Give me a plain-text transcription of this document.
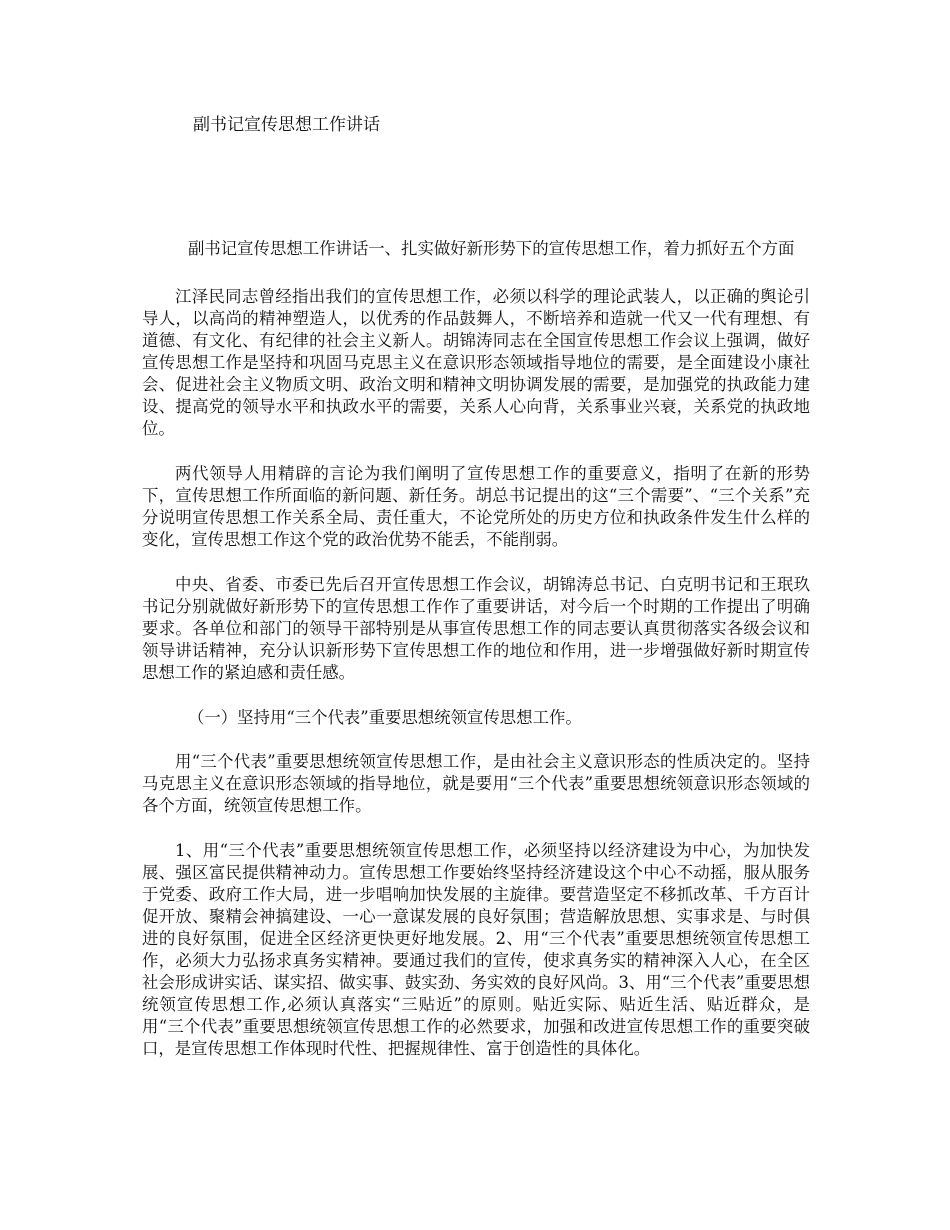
副书记宣传思想工作讲话

副书记宣传思想工作讲话一、扎实做好新形势下的宣传思想工作，着力抓好五个方面

江泽民同志曾经指出我们的宣传思想工作，必须以科学的理论武装人，以正确的舆论引导人，以高尚的精神塑造人，以优秀的作品鼓舞人，不断培养和造就一代又一代有理想、有道德、有文化、有纪律的社会主义新人。胡锦涛同志在全国宣传思想工作会议上强调，做好宣传思想工作是坚持和巩固马克思主义在意识形态领域指导地位的需要，是全面建设小康社会、促进社会主义物质文明、政治文明和精神文明协调发展的需要，是加强党的执政能力建设、提高党的领导水平和执政水平的需要，关系人心向背，关系事业兴衰，关系党的执政地位。

两代领导人用精辟的言论为我们阐明了宣传思想工作的重要意义，指明了在新的形势下，宣传思想工作所面临的新问题、新任务。胡总书记提出的这“三个需要”、“三个关系”充分说明宣传思想工作关系全局、责任重大，不论党所处的历史方位和执政条件发生什么样的变化，宣传思想工作这个党的政治优势不能丢，不能削弱。

中央、省委、市委已先后召开宣传思想工作会议，胡锦涛总书记、白克明书记和王珉玖书记分别就做好新形势下的宣传思想工作作了重要讲话，对今后一个时期的工作提出了明确要求。各单位和部门的领导干部特别是从事宣传思想工作的同志要认真贯彻落实各级会议和领导讲话精神，充分认识新形势下宣传思想工作的地位和作用，进一步增强做好新时期宣传思想工作的紧迫感和责任感。

（一）坚持用“三个代表”重要思想统领宣传思想工作。

用“三个代表”重要思想统领宣传思想工作，是由社会主义意识形态的性质决定的。坚持马克思主义在意识形态领域的指导地位，就是要用“三个代表”重要思想统领意识形态领域的各个方面，统领宣传思想工作。

1、用“三个代表”重要思想统领宣传思想工作，必须坚持以经济建设为中心，为加快发展、强区富民提供精神动力。宣传思想工作要始终坚持经济建设这个中心不动摇，服从服务于党委、政府工作大局，进一步唱响加快发展的主旋律。要营造坚定不移抓改革、千方百计促开放、聚精会神搞建设、一心一意谋发展的良好氛围；营造解放思想、实事求是、与时俱进的良好氛围，促进全区经济更快更好地发展。2、用“三个代表”重要思想统领宣传思想工作，必须大力弘扬求真务实精神。要通过我们的宣传，使求真务实的精神深入人心，在全区社会形成讲实话、谋实招、做实事、鼓实劲、务实效的良好风尚。3、用“三个代表”重要思想统领宣传思想工作,必须认真落实“三贴近”的原则。贴近实际、贴近生活、贴近群众，是用“三个代表”重要思想统领宣传思想工作的必然要求，加强和改进宣传思想工作的重要突破口，是宣传思想工作体现时代性、把握规律性、富于创造性的具体化。
